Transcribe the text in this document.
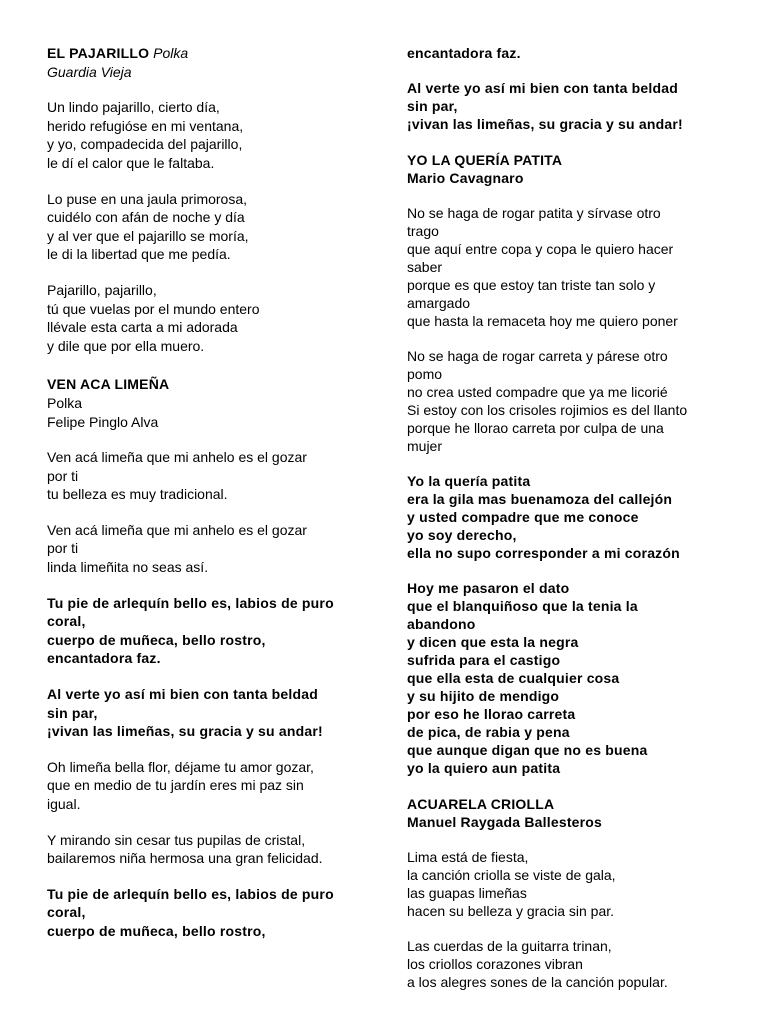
EL PAJARILLO Polka
Guardia Vieja
Un lindo pajarillo, cierto día,
herido refugióse en mi ventana,
y yo, compadecida del pajarillo,
le dí el calor que le faltaba.
Lo puse en una jaula primorosa,
cuidélo con afán de noche y día
y al ver que el pajarillo se moría,
le di la libertad que me pedía.
Pajarillo, pajarillo,
tú que vuelas por el mundo entero
llévale esta carta a mi adorada
y dile que por ella muero.
VEN ACA LIMEÑA
Polka
Felipe Pinglo Alva
Ven acá limeña que mi anhelo es el gozar
por ti
tu belleza es muy tradicional.
Ven acá limeña que mi anhelo es el gozar
por ti
linda limeñita no seas así.
Tu pie de arlequín bello es, labios de puro
coral,
cuerpo de muñeca, bello rostro,
encantadora faz.
Al verte yo así mi bien con tanta beldad
sin par,
¡vivan las limeñas, su gracia y su andar!
Oh limeña bella flor, déjame tu amor gozar,
que en medio de tu jardín eres mi paz sin
igual.
Y mirando sin cesar tus pupilas de cristal,
bailaremos niña hermosa una gran felicidad.
Tu pie de arlequín bello es, labios de puro
coral,
cuerpo de muñeca, bello rostro,
encantadora faz.
Al verte yo así mi bien con tanta beldad
sin par,
¡vivan las limeñas, su gracia y su andar!
YO LA QUERÍA PATITA
Mario Cavagnaro
No se haga de rogar patita y sírvase otro
trago
que aquí entre copa y copa le quiero hacer
saber
porque es que estoy tan triste tan solo y
amargado
que hasta la remaceta hoy me quiero poner
No se haga de rogar carreta y párese otro
pomo
no crea usted compadre que ya me licorié
Si estoy con los crisoles rojimios es del llanto
porque he llorao carreta por culpa de una
mujer
Yo la quería patita
era la gila mas buenamoza del callejón
y usted compadre que me conoce
yo soy derecho,
ella no supo corresponder a mi corazón
Hoy me pasaron el dato
que el blanquiñoso que la tenia la
abandono
y dicen que esta la negra
sufrida para el castigo
que ella esta de cualquier cosa
y su hijito de mendigo
por eso he llorao carreta
de pica, de rabia y pena
que aunque digan que no es buena
yo la quiero aun patita
ACUARELA CRIOLLA
Manuel Raygada Ballesteros
Lima está de fiesta,
la canción criolla se viste de gala,
las guapas limeñas
hacen su belleza y gracia sin par.
Las cuerdas de la guitarra trinan,
los criollos corazones vibran
a los alegres sones de la canción popular.
